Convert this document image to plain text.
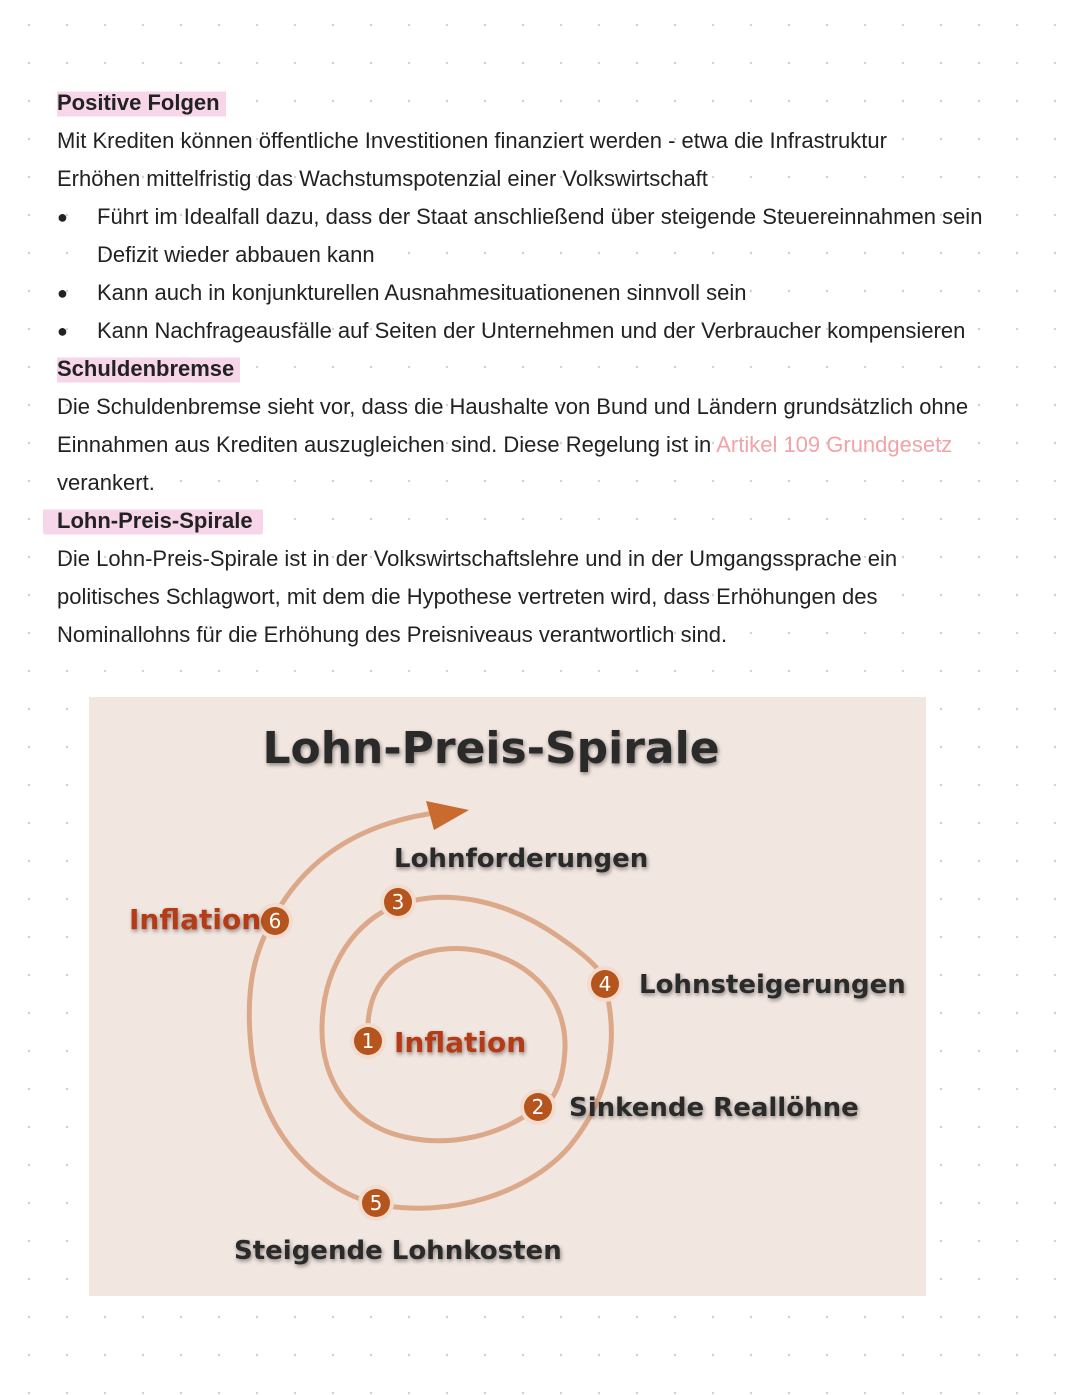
Positive Folgen

Mit Krediten können öffentliche Investitionen finanziert werden - etwa die Infrastruktur

Erhöhen mittelfristig das Wachstumspotenzial einer Volkswirtschaft

● Führt im Idealfall dazu, dass der Staat anschließend über steigende Steuereinnahmen sein Defizit wieder abbauen kann
● Kann auch in konjunkturellen Ausnahmesituationenen sinnvoll sein
● Kann Nachfrageausfälle auf Seiten der Unternehmen und der Verbraucher kompensieren
Schuldenbremse

Die Schuldenbremse sieht vor, dass die Haushalte von Bund und Ländern grundsätzlich ohne Einnahmen aus Krediten auszugleichen sind. Diese Regelung ist in Artikel 109 Grundgesetz verankert.

Lohn-Preis-Spirale

Die Lohn-Preis-Spirale ist in der Volkswirtschaftslehre und in der Umgangssprache ein politisches Schlagwort, mit dem die Hypothese vertreten wird, dass Erhöhungen des Nominallohns für die Erhöhung des Preisniveaus verantwortlich sind.

Lohn-Preis-Spirale
1
2
3
4
5
6
Inflation
Sinkende Reallöhne
Lohnforderungen
Lohnsteigerungen
Steigende Lohnkosten
Inflation
